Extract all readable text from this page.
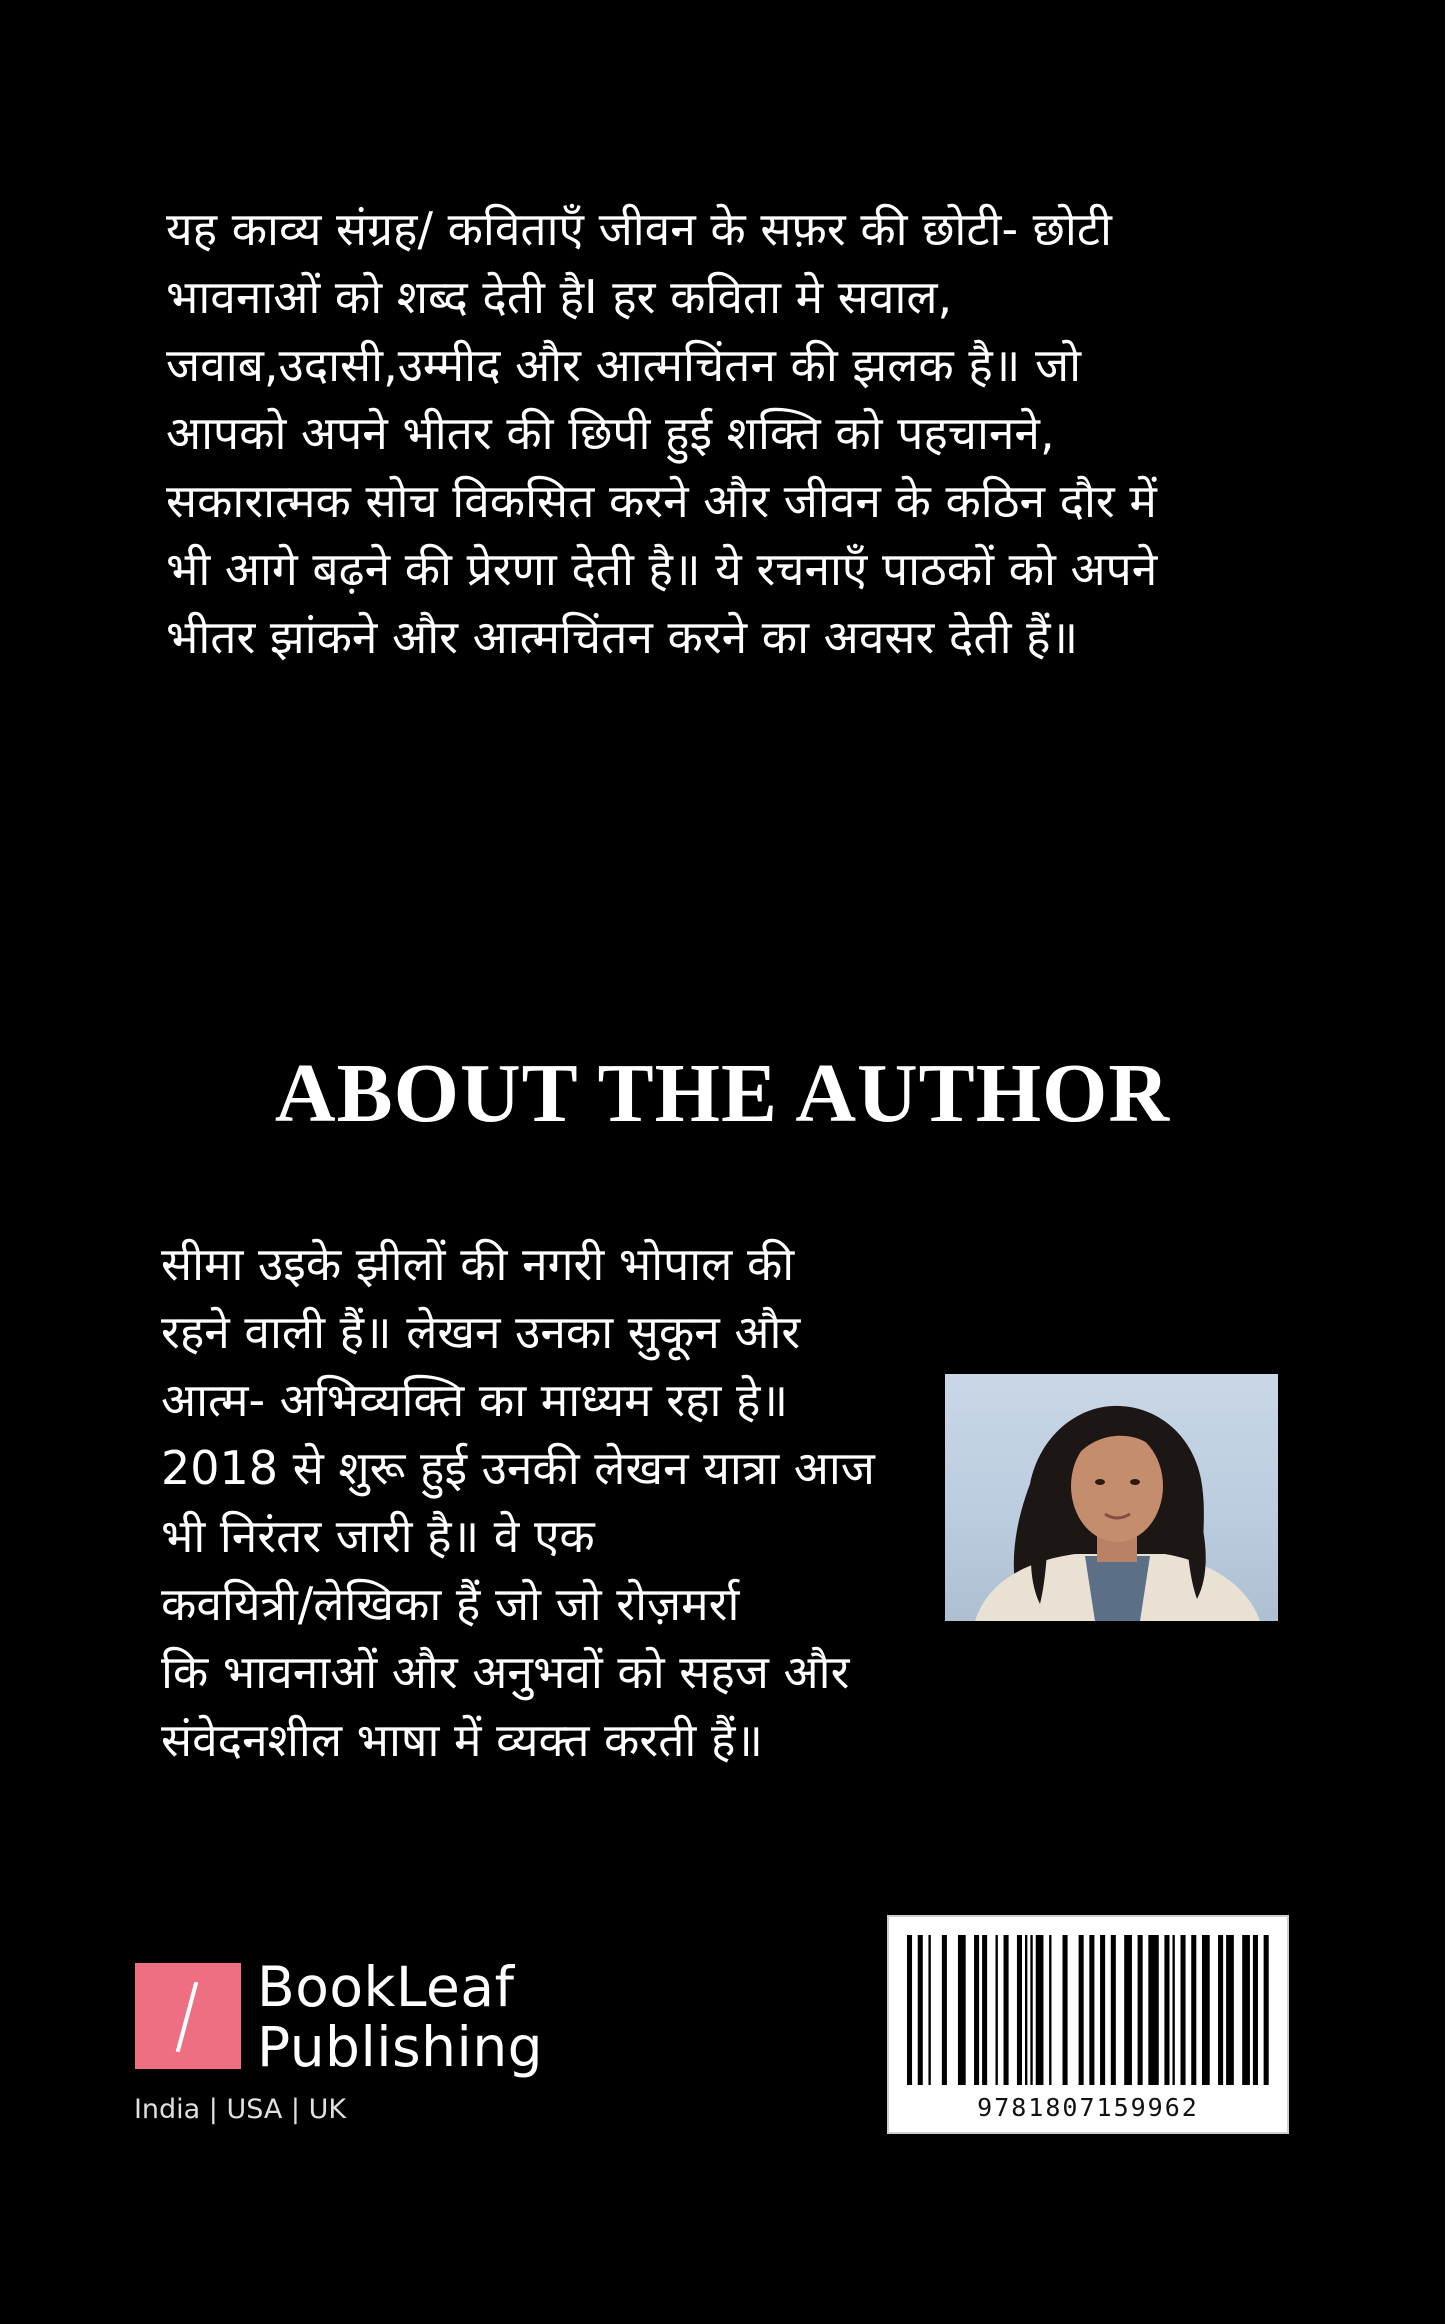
यह काव्य संग्रह/ कविताएँ जीवन के सफ़र की छोटी- छोटी
भावनाओं को शब्द देती हैI हर कविता मे सवाल,
जवाब,उदासी,उम्मीद और आत्मचिंतन की झलक है॥ जो
आपको अपने भीतर की छिपी हुई शक्ति को पहचानने,
सकारात्मक सोच विकसित करने और जीवन के कठिन दौर में
भी आगे बढ़ने की प्रेरणा देती है॥ ये रचनाएँ पाठकों को अपने
भीतर झांकने और आत्मचिंतन करने का अवसर देती हैं॥
ABOUT THE AUTHOR
सीमा उइके झीलों की नगरी भोपाल की
रहने वाली हैं॥ लेखन उनका सुकून और
आत्म- अभिव्यक्ति का माध्यम रहा हे॥
2018 से शुरू हुई उनकी लेखन यात्रा आज
भी निरंतर जारी है॥ वे एक
कवयित्री/लेखिका हैं जो जो रोज़मर्रा
कि भावनाओं और अनुभवों को सहज और
संवेदनशील भाषा में व्यक्त करती हैं॥
BookLeaf
Publishing
India | USA | UK	9781807159962
